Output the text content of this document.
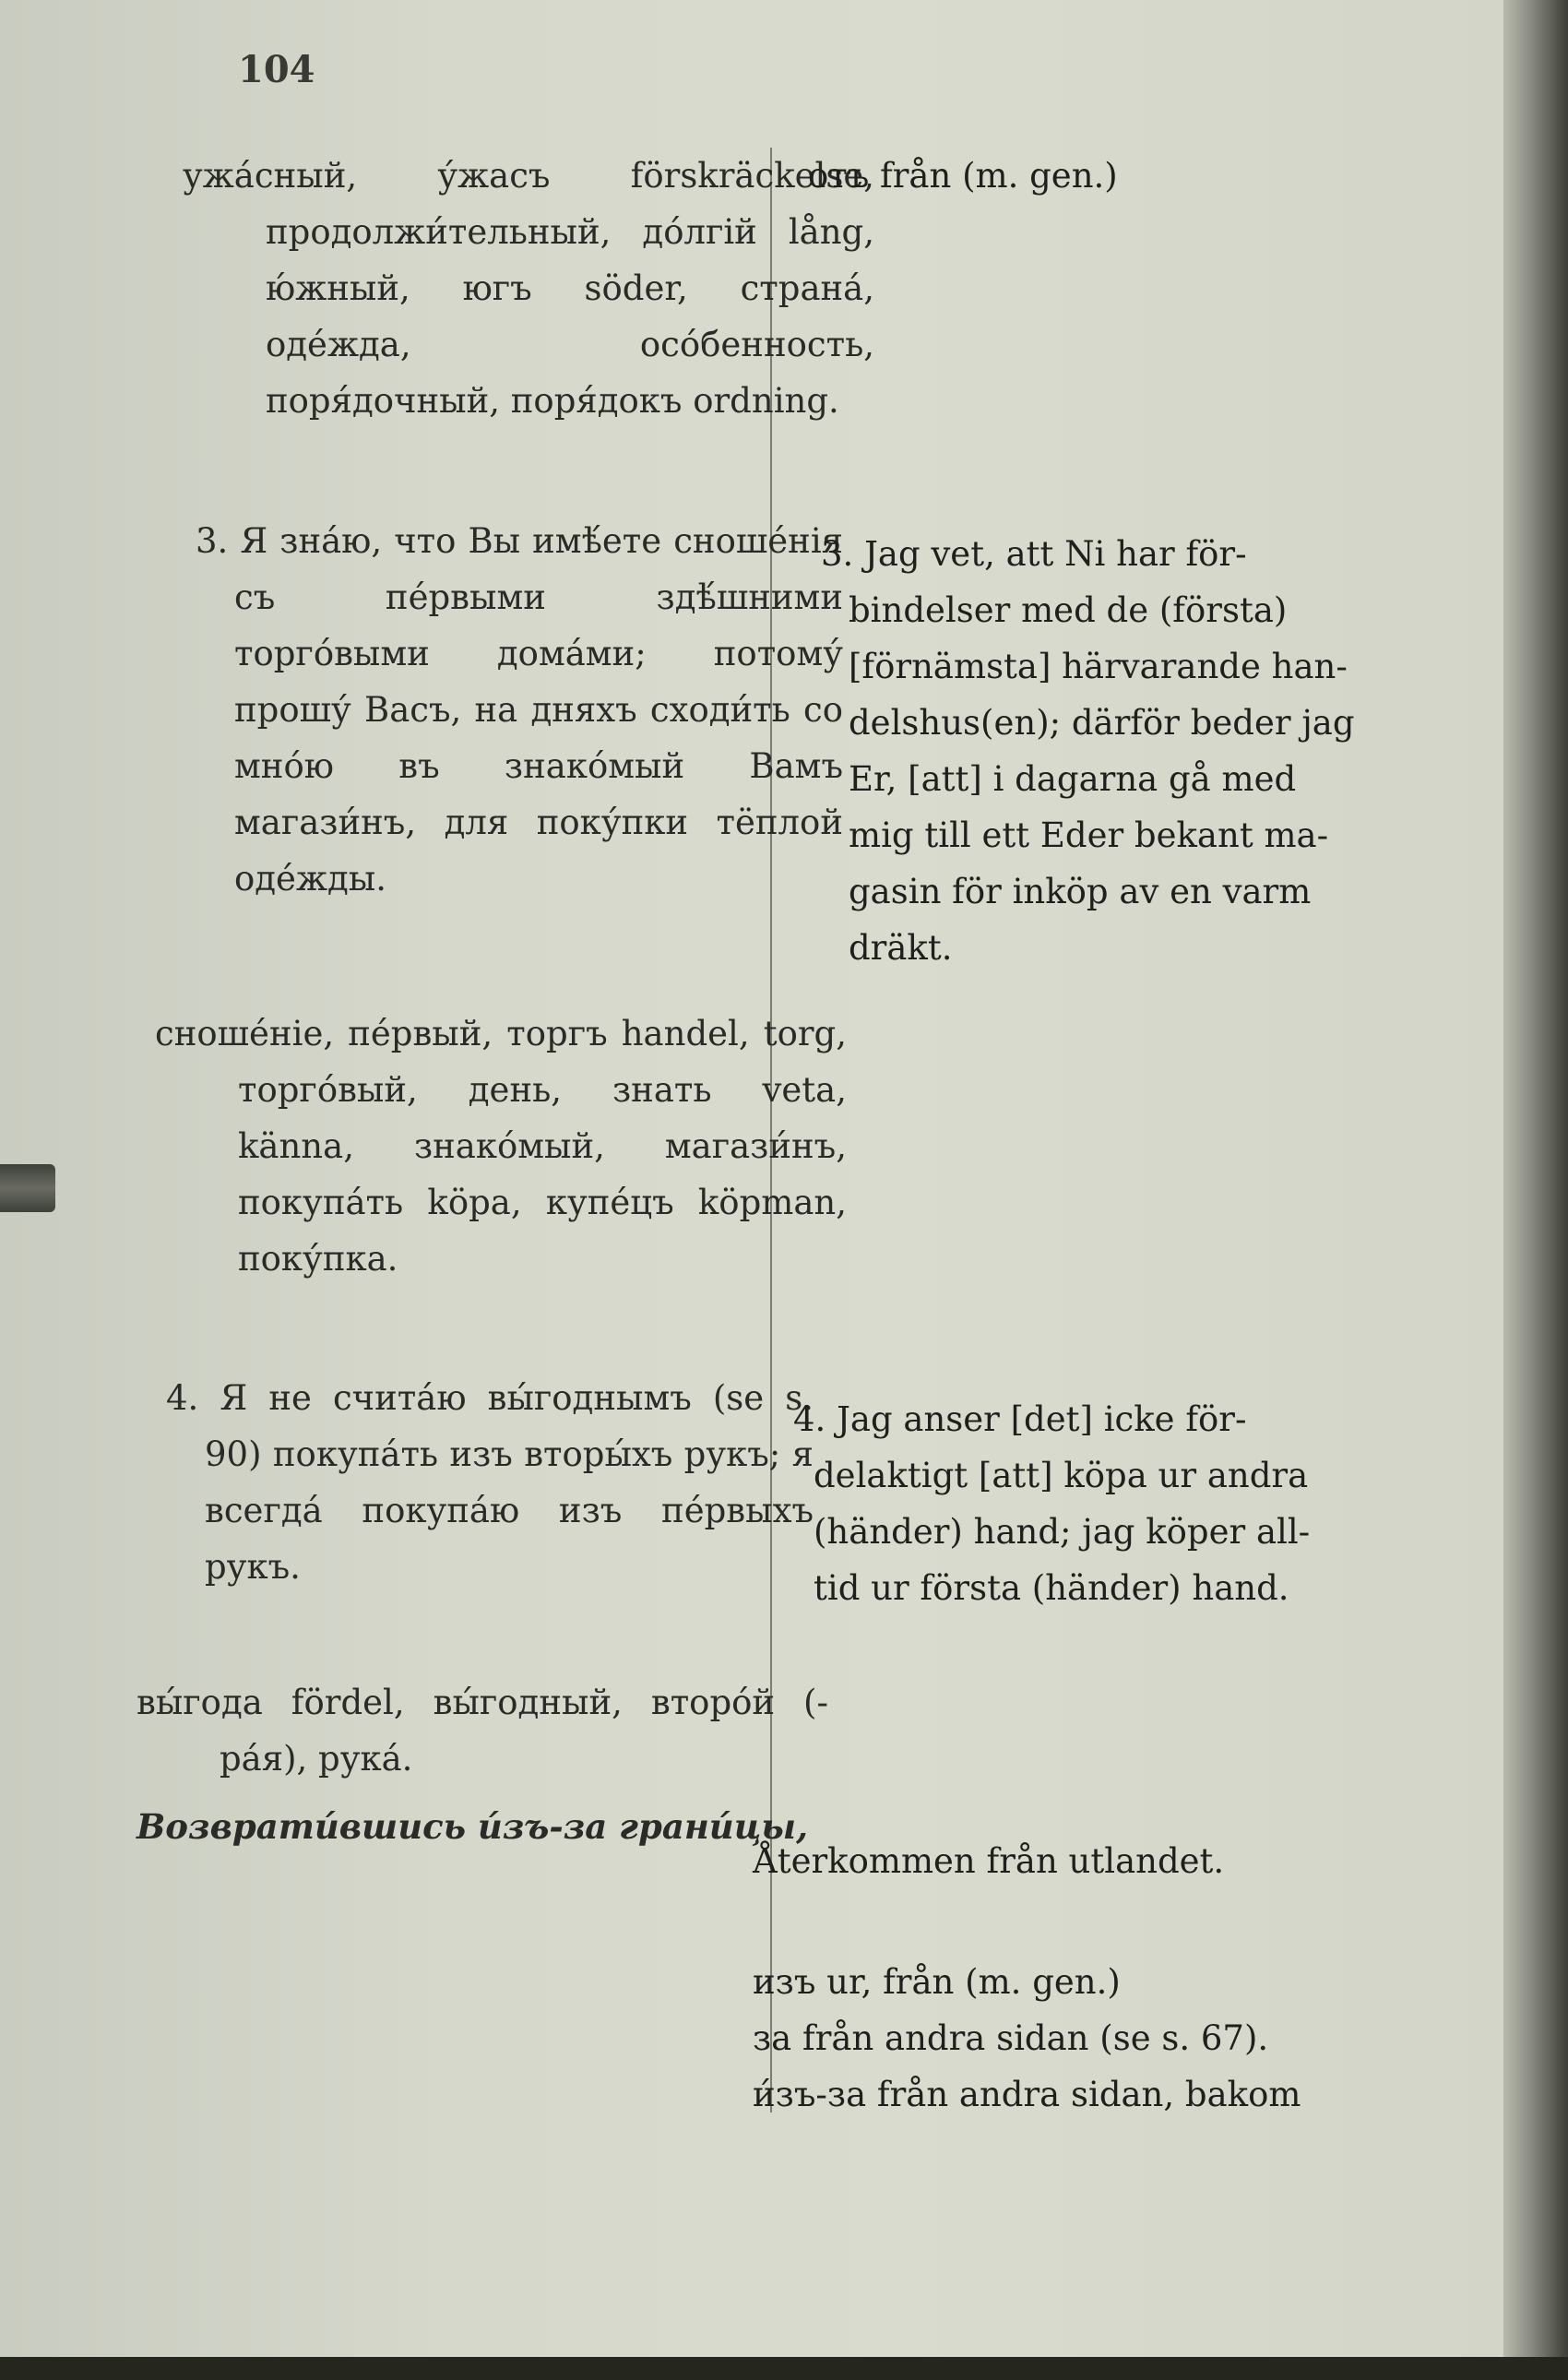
104

ужа́сный, у́жасъ förskräckelse, продолжи́тельный, до́лгій lång, ю́жный, югъ söder, страна́, оде́жда, осо́бенность, поря́дочный, поря́докъ ordning.

3. Я зна́ю, что Вы имѣ́ете сноше́нія съ пе́рвыми здѣ́шними торго́выми дома́ми; потому́ прошу́ Васъ, на дняхъ сходи́ть со мно́ю въ знако́мый Вамъ магази́нъ, для поку́пки тёплой оде́жды.

сноше́ніе, пе́рвый, торгъ handel, torg, торго́вый, день, знать veta, känna, знако́мый, магази́нъ, покупа́ть köpa, купе́цъ köpman, поку́пка.

4. Я не счита́ю вы́годнымъ (se s. 90) покупа́ть изъ вторы́хъ рукъ; я всегда́ покупа́ю изъ пе́рвыхъ рукъ.

вы́года fördel, вы́годный, второ́й (-ра́я), рука́.

Возврати́вшись и́зъ-за грани́цы,

отъ från (m. gen.)
3. Jag vet, att Ni har för-
bindelser med de (första)
[förnämsta] härvarande han-
delshus(en); därför beder jag
Er, [att] i dagarna gå med
mig till ett Eder bekant ma-
gasin för inköp av en varm
dräkt.
4. Jag anser [det] icke för-
delaktigt [att] köpa ur andra
(händer) hand; jag köper all-
tid ur första (händer) hand.
Återkommen från utlandet.
изъ ur, från (m. gen.)
за från andra sidan (se s. 67).
и́зъ-за från andra sidan, bakom
